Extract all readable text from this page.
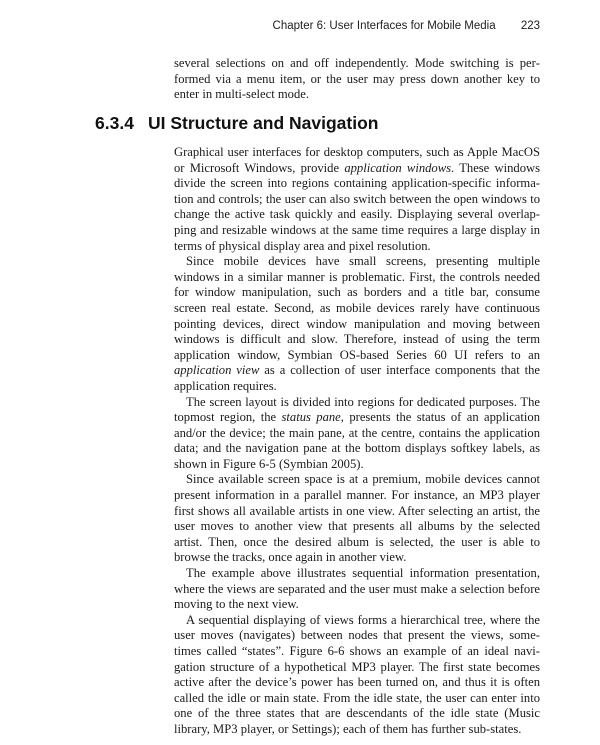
Chapter 6: User Interfaces for Mobile Media 223

several selections on and off independently. Mode switching is performed via a menu item, or the user may press down another key to enter in multi-select mode.

6.3.4 UI Structure and Navigation

Graphical user interfaces for desktop computers, such as Apple MacOS or Microsoft Windows, provide application windows. These windows divide the screen into regions containing application-specific information and controls; the user can also switch between the open windows to change the active task quickly and easily. Displaying several overlapping and resizable windows at the same time requires a large display in terms of physical display area and pixel resolution.

Since mobile devices have small screens, presenting multiple windows in a similar manner is problematic. First, the controls needed for window manipulation, such as borders and a title bar, consume screen real estate. Second, as mobile devices rarely have continuous pointing devices, direct window manipulation and moving between windows is difficult and slow. Therefore, instead of using the term application window, Symbian OS-based Series 60 UI refers to an application view as a collection of user interface components that the application requires.

The screen layout is divided into regions for dedicated purposes. The topmost region, the status pane, presents the status of an application and/or the device; the main pane, at the centre, contains the application data; and the navigation pane at the bottom displays softkey labels, as shown in Figure 6-5 (Symbian 2005).

Since available screen space is at a premium, mobile devices cannot present information in a parallel manner. For instance, an MP3 player first shows all available artists in one view. After selecting an artist, the user moves to another view that presents all albums by the selected artist. Then, once the desired album is selected, the user is able to browse the tracks, once again in another view.

The example above illustrates sequential information presentation, where the views are separated and the user must make a selection before moving to the next view.

A sequential displaying of views forms a hierarchical tree, where the user moves (navigates) between nodes that present the views, sometimes called “states”. Figure 6-6 shows an example of an ideal navigation structure of a hypothetical MP3 player. The first state becomes active after the device’s power has been turned on, and thus it is often called the idle or main state. From the idle state, the user can enter into one of the three states that are descendants of the idle state (Music library, MP3 player, or Settings); each of them has further sub-states.
